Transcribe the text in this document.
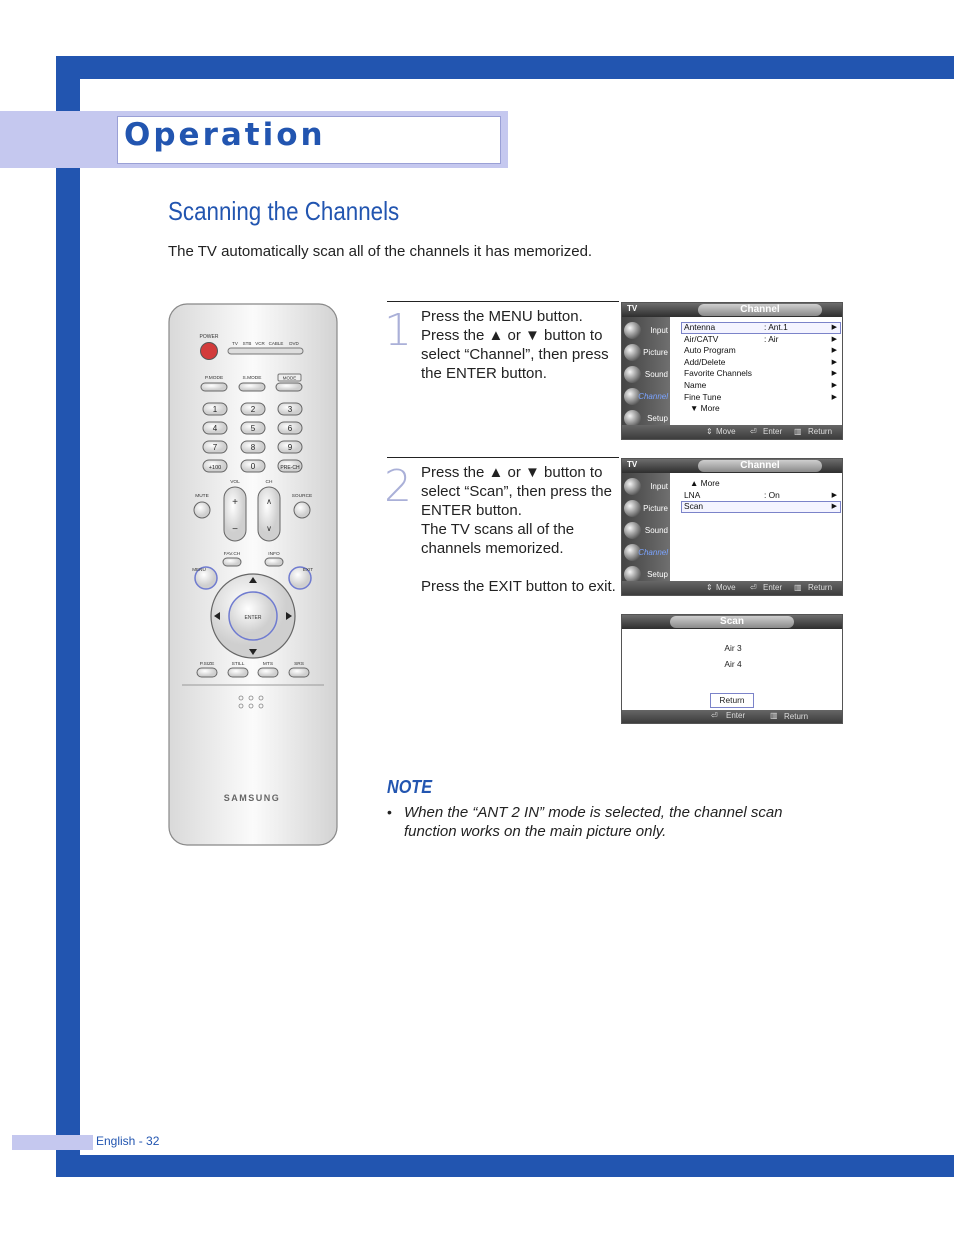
English - 32
Operation
Scanning the Channels
The TV automatically scan all of the channels it has memorized.
POWER
TV STB VCR CABLE DVD
P.MODE	S.MODE	MODE
1	2	3
4	5	6
7	8	9
0
+100	PRE-CH
MUTE
VOL	CH
SOURCE
+
−
∧
∨
FAV.CH	INFO
MENU	EXIT
ENTER
P.SIZE	STILL	MTS	SRS
SAMSUNG
1 Press the MENU button.

Press the ▲ or ▼ button to select “Channel”, then press the ENTER button.

2 Press the ▲ or ▼ button to select “Scan”, then press the ENTER button.

The TV scans all of the channels memorized.

Press the EXIT button to exit.

TV	Channel
Input
Picture
Sound
Channel
Setup
Antenna	: Ant.1	▶
Air/CATV	: Air	▶
Auto Program	▶
Add/Delete	▶
Favorite Channels	▶
Name	▶
Fine Tune	▶
▼ More
⇕ Move ⏎ Enter ▥ Return
TV	Channel
Input
Picture
Sound
Channel
Setup
▲ More
LNA	: On	▶
Scan	▶
⇕ Move ⏎ Enter ▥ Return
Scan
Air 3
Air 4
Return
⏎ Enter	▥ Return
NOTE
• When the “ANT 2 IN” mode is selected, the channel scan function works on the main picture only.
